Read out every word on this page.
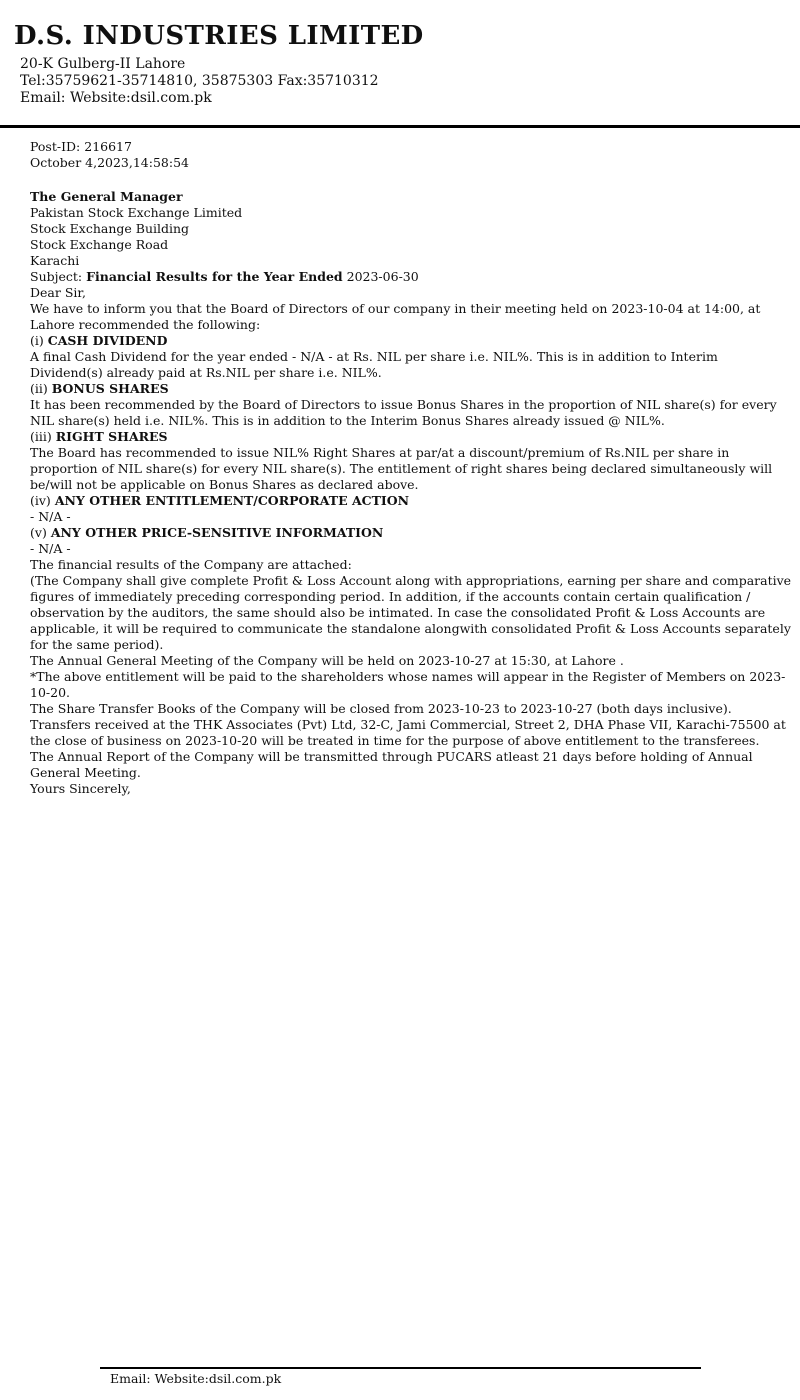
D.S. INDUSTRIES LIMITED
20-K Gulberg-II Lahore
Tel:35759621-35714810, 35875303 Fax:35710312
Email: Website:dsil.com.pk

Post-ID: 216617

October 4,2023,14:58:54

The General Manager

Pakistan Stock Exchange Limited

Stock Exchange Building

Stock Exchange Road

Karachi

Subject: Financial Results for the Year Ended 2023-06-30

Dear Sir,

We have to inform you that the Board of Directors of our company in their meeting held on 2023-10-04 at 14:00, at Lahore recommended the following:

(i) CASH DIVIDEND

A final Cash Dividend for the year ended - N/A - at Rs. NIL per share i.e. NIL%. This is in addition to Interim Dividend(s) already paid at Rs.NIL per share i.e. NIL%.

(ii) BONUS SHARES

It has been recommended by the Board of Directors to issue Bonus Shares in the proportion of NIL share(s) for every NIL share(s) held i.e. NIL%. This is in addition to the Interim Bonus Shares already issued @ NIL%.

(iii) RIGHT SHARES

The Board has recommended to issue NIL% Right Shares at par/at a discount/premium of Rs.NIL per share in proportion of NIL share(s) for every NIL share(s). The entitlement of right shares being declared simultaneously will be/will not be applicable on Bonus Shares as declared above.

(iv) ANY OTHER ENTITLEMENT/CORPORATE ACTION

- N/A -

(v) ANY OTHER PRICE-SENSITIVE INFORMATION

- N/A -

The financial results of the Company are attached:

(The Company shall give complete Profit & Loss Account along with appropriations, earning per share and comparative figures of immediately preceding corresponding period. In addition, if the accounts contain certain qualification / observation by the auditors, the same should also be intimated. In case the consolidated Profit & Loss Accounts are applicable, it will be required to communicate the standalone alongwith consolidated Profit & Loss Accounts separately for the same period).

The Annual General Meeting of the Company will be held on 2023-10-27 at 15:30, at Lahore .

*The above entitlement will be paid to the shareholders whose names will appear in the Register of Members on 2023-10-20.

The Share Transfer Books of the Company will be closed from 2023-10-23 to 2023-10-27 (both days inclusive). Transfers received at the THK Associates (Pvt) Ltd, 32-C, Jami Commercial, Street 2, DHA Phase VII, Karachi-75500 at the close of business on 2023-10-20 will be treated in time for the purpose of above entitlement to the transferees.

The Annual Report of the Company will be transmitted through PUCARS atleast 21 days before holding of Annual General Meeting.

Yours Sincerely,

Email: Website:dsil.com.pk
